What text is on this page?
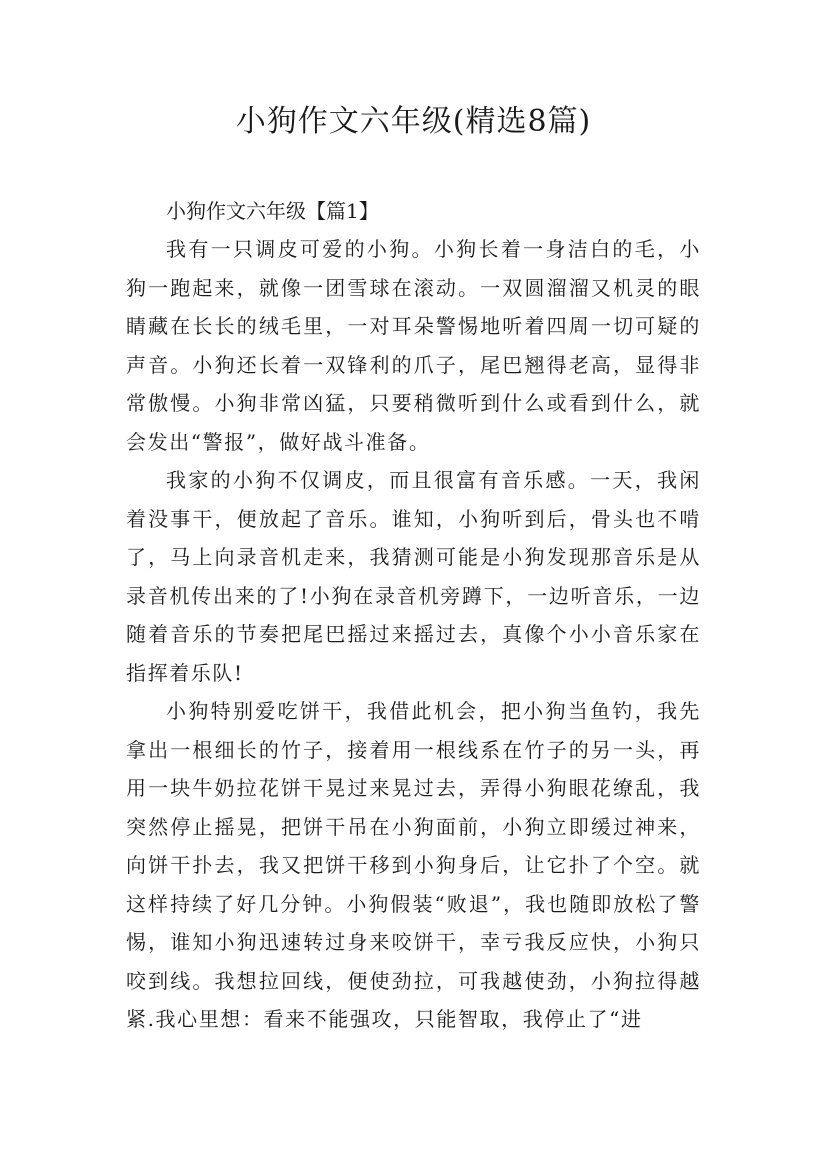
小狗作文六年级(精选8篇)

小狗作文六年级【篇1】

我有一只调皮可爱的小狗。小狗长着一身洁白的毛，小狗一跑起来，就像一团雪球在滚动。一双圆溜溜又机灵的眼睛藏在长长的绒毛里，一对耳朵警惕地听着四周一切可疑的声音。小狗还长着一双锋利的爪子，尾巴翘得老高，显得非常傲慢。小狗非常凶猛，只要稍微听到什么或看到什么，就会发出“警报”，做好战斗准备。

我家的小狗不仅调皮，而且很富有音乐感。一天，我闲着没事干，便放起了音乐。谁知，小狗听到后，骨头也不啃了，马上向录音机走来，我猜测可能是小狗发现那音乐是从录音机传出来的了!小狗在录音机旁蹲下，一边听音乐，一边随着音乐的节奏把尾巴摇过来摇过去，真像个小小音乐家在指挥着乐队!

小狗特别爱吃饼干，我借此机会，把小狗当鱼钓，我先拿出一根细长的竹子，接着用一根线系在竹子的另一头，再用一块牛奶拉花饼干晃过来晃过去，弄得小狗眼花缭乱，我突然停止摇晃，把饼干吊在小狗面前，小狗立即缓过神来，向饼干扑去，我又把饼干移到小狗身后，让它扑了个空。就这样持续了好几分钟。小狗假装“败退”，我也随即放松了警惕，谁知小狗迅速转过身来咬饼干，幸亏我反应快，小狗只咬到线。我想拉回线，便使劲拉，可我越使劲，小狗拉得越紧.我心里想：看来不能强攻，只能智取，我停止了“进
